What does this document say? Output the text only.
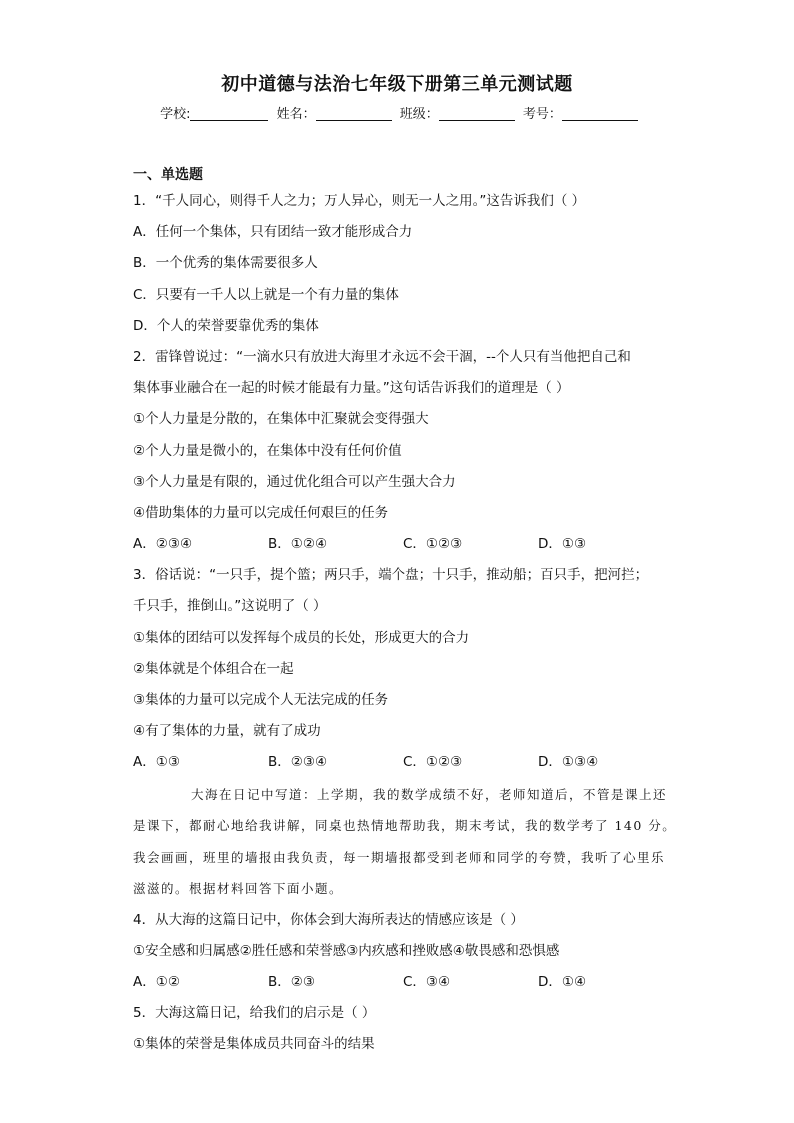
初中道德与法治七年级下册第三单元测试题
学校:	姓名：	班级：	考号：
一、单选题
1．“千人同心，则得千人之力；万人异心，则无一人之用。”这告诉我们（ ）
A．任何一个集体，只有团结一致才能形成合力
B．一个优秀的集体需要很多人
C．只要有一千人以上就是一个有力量的集体
D．个人的荣誉要靠优秀的集体
2．雷锋曾说过：“一滴水只有放进大海里才永远不会干涸，--个人只有当他把自己和
集体事业融合在一起的时候才能最有力量。”这句话告诉我们的道理是（ ）
①个人力量是分散的，在集体中汇聚就会变得强大
②个人力量是微小的，在集体中没有任何价值
③个人力量是有限的，通过优化组合可以产生强大合力
④借助集体的力量可以完成任何艰巨的任务
A．②③④	B．①②④	C．①②③	D．①③
3．俗话说：“一只手，提个篮；两只手，端个盘；十只手，推动船；百只手，把河拦；
千只手，推倒山。”这说明了（ ）
①集体的团结可以发挥每个成员的长处，形成更大的合力
②集体就是个体组合在一起
③集体的力量可以完成个人无法完成的任务
④有了集体的力量，就有了成功
A．①③	B．②③④	C．①②③	D．①③④
大海在日记中写道：上学期，我的数学成绩不好，老师知道后，不管是课上还
是课下，都耐心地给我讲解，同桌也热情地帮助我，期末考试，我的数学考了 140 分。
我会画画，班里的墙报由我负责，每一期墙报都受到老师和同学的夸赞，我听了心里乐
滋滋的。根据材料回答下面小题。
4．从大海的这篇日记中，你体会到大海所表达的情感应该是（ ）
①安全感和归属感②胜任感和荣誉感③内疚感和挫败感④敬畏感和恐惧感
A．①②	B．②③	C．③④	D．①④
5．大海这篇日记，给我们的启示是（ ）
①集体的荣誉是集体成员共同奋斗的结果
